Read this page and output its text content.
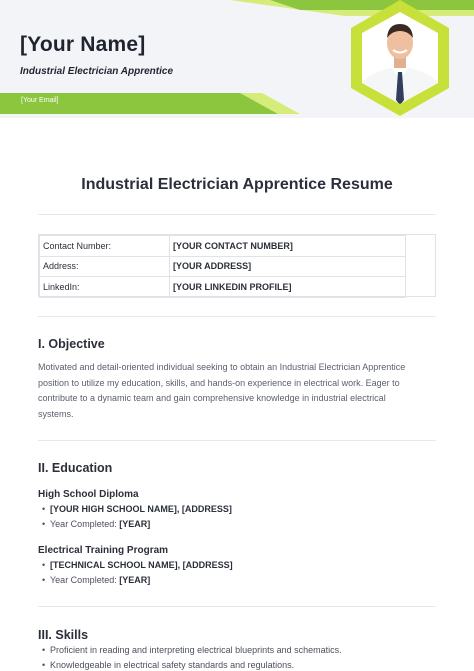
[Your Name]
Industrial Electrician Apprentice
[Your Email]
Industrial Electrician Apprentice Resume
Contact Number:	[YOUR CONTACT NUMBER]
Address:	[YOUR ADDRESS]
LinkedIn:	[YOUR LINKEDIN PROFILE]
I. Objective
Motivated and detail-oriented individual seeking to obtain an Industrial Electrician Apprentice
position to utilize my education, skills, and hands-on experience in electrical work. Eager to
contribute to a dynamic team and gain comprehensive knowledge in industrial electrical
systems.
II. Education
High School Diploma
• [YOUR HIGH SCHOOL NAME], [ADDRESS]
• Year Completed: [YEAR]
Electrical Training Program
• [TECHNICAL SCHOOL NAME], [ADDRESS]
• Year Completed: [YEAR]
III. Skills
• Proficient in reading and interpreting electrical blueprints and schematics.
• Knowledgeable in electrical safety standards and regulations.
